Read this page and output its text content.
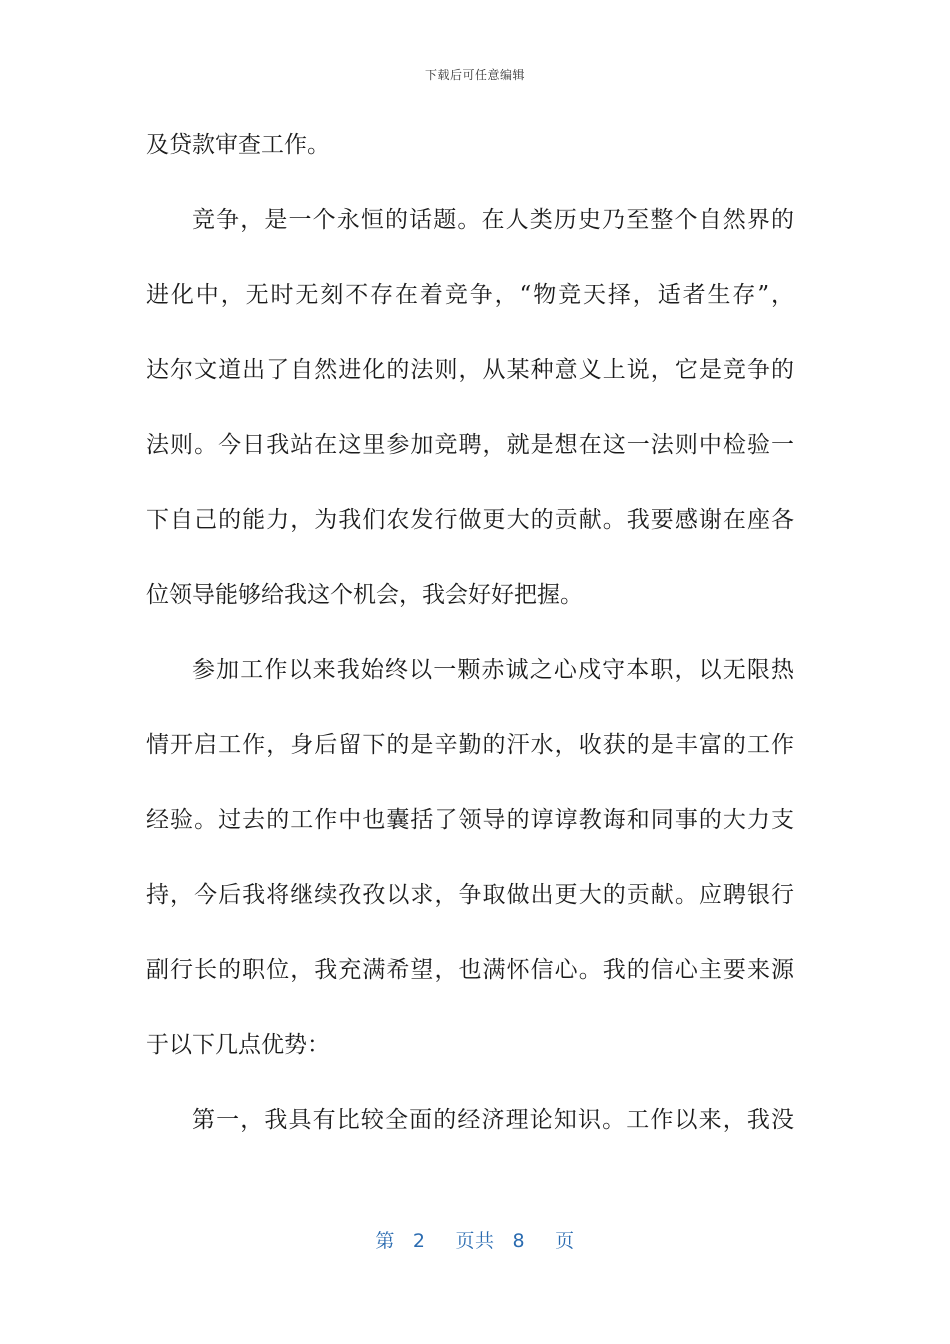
下载后可任意编辑
及贷款审查工作。
竞争，是一个永恒的话题。在人类历史乃至整个自然界的
进化中，无时无刻不存在着竞争，“物竞天择，适者生存”，
达尔文道出了自然进化的法则，从某种意义上说，它是竞争的
法则。今日我站在这里参加竞聘，就是想在这一法则中检验一
下自己的能力，为我们农发行做更大的贡献。我要感谢在座各
位领导能够给我这个机会，我会好好把握。
参加工作以来我始终以一颗赤诚之心戍守本职，以无限热
情开启工作，身后留下的是辛勤的汗水，收获的是丰富的工作
经验。过去的工作中也囊括了领导的谆谆教诲和同事的大力支
持，今后我将继续孜孜以求，争取做出更大的贡献。应聘银行
副行长的职位，我充满希望，也满怀信心。我的信心主要来源
于以下几点优势：
第一，我具有比较全面的经济理论知识。工作以来，我没
第 2 页共 8 页
